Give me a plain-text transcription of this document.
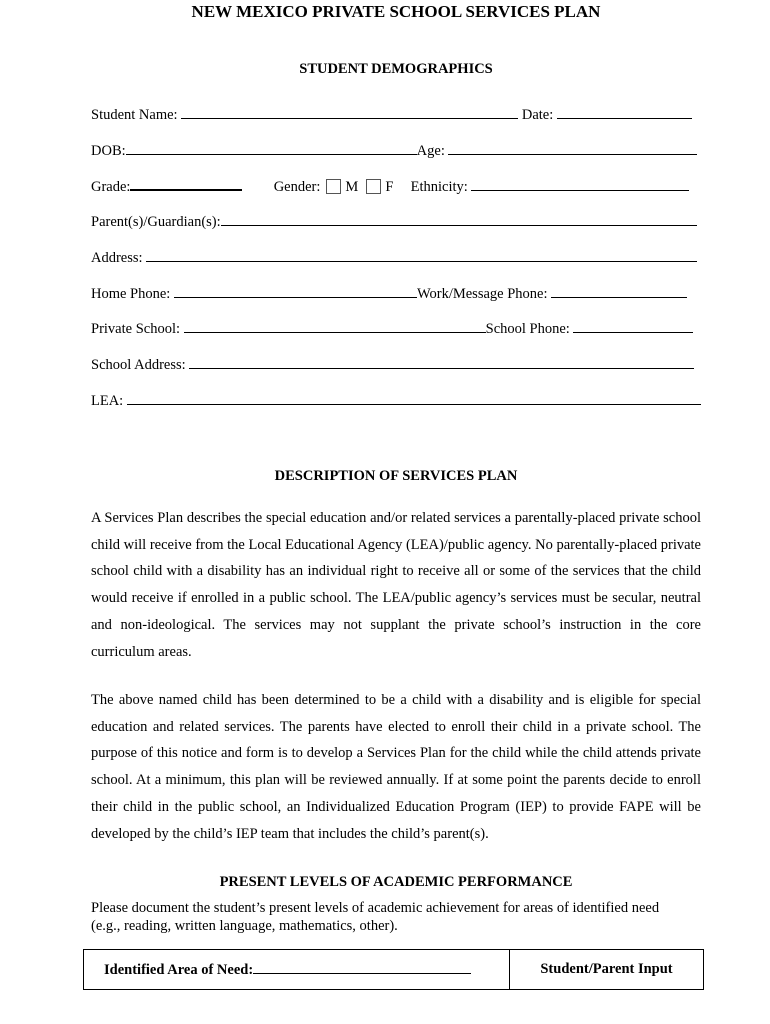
NEW MEXICO PRIVATE SCHOOL SERVICES PLAN
STUDENT DEMOGRAPHICS
Student Name:	Date:
DOB:	Age:
Grade:	Gender: M F Ethnicity:
Parent(s)/Guardian(s):
Address:
Home Phone:	Work/Message Phone:
Private School:	School Phone:
School Address:
LEA:
DESCRIPTION OF SERVICES PLAN
A Services Plan describes the special education and/or related services a parentally-placed private school child will receive from the Local Educational Agency (LEA)/public agency. No parentally-placed private school child with a disability has an individual right to receive all or some of the services that the child would receive if enrolled in a public school. The LEA/public agency’s services must be secular, neutral and non-ideological. The services may not supplant the private school’s instruction in the core curriculum areas.
The above named child has been determined to be a child with a disability and is eligible for special education and related services. The parents have elected to enroll their child in a private school. The purpose of this notice and form is to develop a Services Plan for the child while the child attends private school. At a minimum, this plan will be reviewed annually. If at some point the parents decide to enroll their child in the public school, an Individualized Education Program (IEP) to provide FAPE will be developed by the child’s IEP team that includes the child’s parent(s).
PRESENT LEVELS OF ACADEMIC PERFORMANCE
Please document the student’s present levels of academic achievement for areas of identified need (e.g., reading, written language, mathematics, other).
Identified Area of Need:	Student/Parent Input
